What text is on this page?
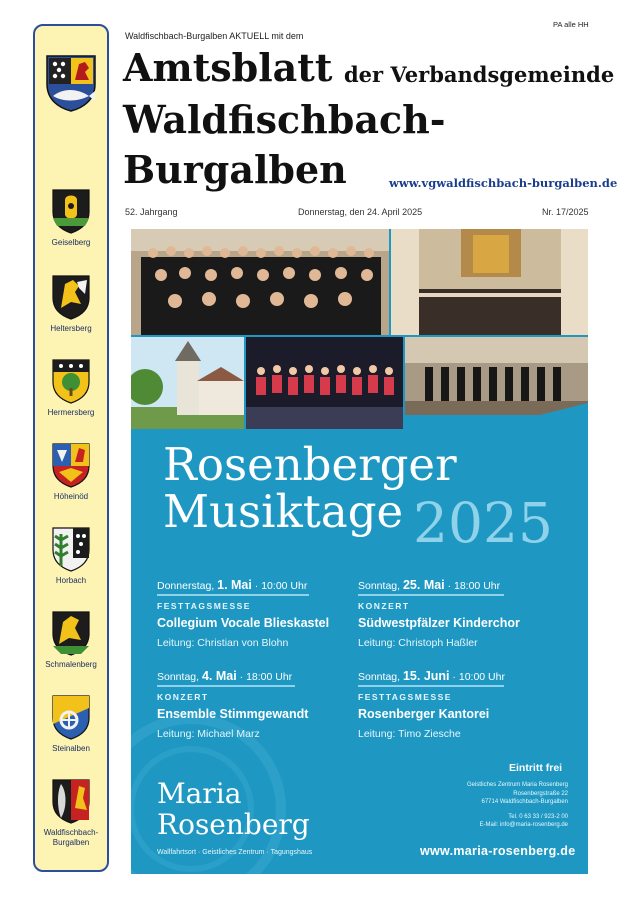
Geiselberg
Heltersberg
Hermersberg
Höheinöd
Horbach
Schmalenberg
Steinalben
Waldfischbach-
Burgalben
PA alle HH
Waldfischbach-Burgalben AKTUELL mit dem
Amtsblatt der Verbandsgemeinde
Waldfischbach-
Burgalben	www.vgwaldfischbach-burgalben.de
52. Jahrgang	Donnerstag, den 24. April 2025	Nr. 17/2025
Rosenberger
Musiktage 2025
Donnerstag, 1. Mai · 10:00 Uhr
FESTTAGSMESSE
Collegium Vocale Blieskastel
Leitung: Christian von Blohn
Sonntag, 25. Mai · 18:00 Uhr
KONZERT
Südwestpfälzer Kinderchor
Leitung: Christoph Haßler
Sonntag, 4. Mai · 18:00 Uhr
KONZERT
Ensemble Stimmgewandt
Leitung: Michael Marz
Sonntag, 15. Juni · 10:00 Uhr
FESTTAGSMESSE
Rosenberger Kantorei
Leitung: Timo Ziesche
Eintritt frei
Geistliches Zentrum Maria Rosenberg
Rosenbergstraße 22
67714 Waldfischbach-Burgalben
Tel. 0 63 33 / 923-2 00
E-Mail: info@maria-rosenberg.de
Maria
Rosenberg
Wallfahrtsort · Geistliches Zentrum · Tagungshaus	www.maria-rosenberg.de
